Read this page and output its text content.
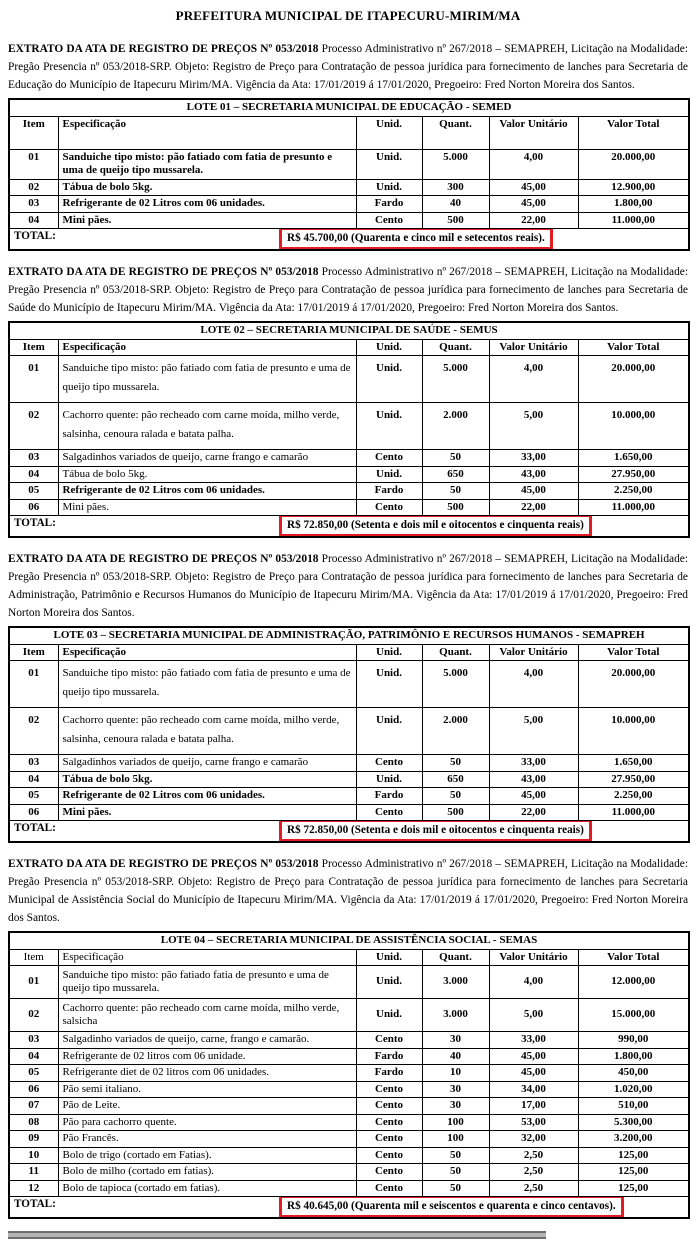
PREFEITURA MUNICIPAL DE ITAPECURU-MIRIM/MA

EXTRATO DA ATA DE REGISTRO DE PREÇOS Nº 053/2018 Processo Administrativo nº 267/2018 – SEMAPREH, Licitação na Modalidade: Pregão Presencia nº 053/2018-SRP. Objeto: Registro de Preço para Contratação de pessoa jurídica para fornecimento de lanches para Secretaria de Educação do Município de Itapecuru Mirim/MA. Vigência da Ata: 17/01/2019 á 17/01/2020, Pregoeiro: Fred Norton Moreira dos Santos.

LOTE 01 – SECRETARIA MUNICIPAL DE EDUCAÇÃO - SEMED					
Item	Especificação	Unid.	Quant.	Valor Unitário	Valor Total
01	Sanduiche tipo misto: pão fatiado com fatia de presunto e uma de queijo tipo mussarela.	Unid.	5.000	4,00	20.000,00
02	Tábua de bolo 5kg.	Unid.	300	45,00	12.900,00
03	Refrigerante de 02 Litros com 06 unidades.	Fardo	40	45,00	1.800,00
04	Mini pães.	Cento	500	22,00	11.000,00
TOTAL: R$ 45.700,00 (Quarenta e cinco mil e setecentos reais).					

EXTRATO DA ATA DE REGISTRO DE PREÇOS Nº 053/2018 Processo Administrativo nº 267/2018 – SEMAPREH, Licitação na Modalidade: Pregão Presencia nº 053/2018-SRP. Objeto: Registro de Preço para Contratação de pessoa jurídica para fornecimento de lanches para Secretaria de Saúde do Município de Itapecuru Mirim/MA. Vigência da Ata: 17/01/2019 á 17/01/2020, Pregoeiro: Fred Norton Moreira dos Santos.

LOTE 02 – SECRETARIA MUNICIPAL DE SAÚDE - SEMUS					
Item	Especificação	Unid.	Quant.	Valor Unitário	Valor Total
01	Sanduiche tipo misto: pão fatiado com fatia de presunto e uma de queijo tipo mussarela.	Unid.	5.000	4,00	20.000,00
02	Cachorro quente: pão recheado com carne moída, milho verde, salsinha, cenoura ralada e batata palha.	Unid.	2.000	5,00	10.000,00
03	Salgadinhos variados de queijo, carne frango e camarão	Cento	50	33,00	1.650,00
04	Tábua de bolo 5kg.	Unid.	650	43,00	27.950,00
05	Refrigerante de 02 Litros com 06 unidades.	Fardo	50	45,00	2.250,00
06	Mini pães.	Cento	500	22,00	11.000,00
TOTAL: R$ 72.850,00 (Setenta e dois mil e oitocentos e cinquenta reais)					

EXTRATO DA ATA DE REGISTRO DE PREÇOS Nº 053/2018 Processo Administrativo nº 267/2018 – SEMAPREH, Licitação na Modalidade: Pregão Presencia nº 053/2018-SRP. Objeto: Registro de Preço para Contratação de pessoa jurídica para fornecimento de lanches para Secretaria de Administração, Patrimônio e Recursos Humanos do Município de Itapecuru Mirim/MA. Vigência da Ata: 17/01/2019 á 17/01/2020, Pregoeiro: Fred Norton Moreira dos Santos.

LOTE 03 – SECRETARIA MUNICIPAL DE ADMINISTRAÇÃO, PATRIMÔNIO E RECURSOS HUMANOS - SEMAPREH					
Item	Especificação	Unid.	Quant.	Valor Unitário	Valor Total
01	Sanduiche tipo misto: pão fatiado com fatia de presunto e uma de queijo tipo mussarela.	Unid.	5.000	4,00	20.000,00
02	Cachorro quente: pão recheado com carne moída, milho verde, salsinha, cenoura ralada e batata palha.	Unid.	2.000	5,00	10.000,00
03	Salgadinhos variados de queijo, carne frango e camarão	Cento	50	33,00	1.650,00
04	Tábua de bolo 5kg.	Unid.	650	43,00	27.950,00
05	Refrigerante de 02 Litros com 06 unidades.	Fardo	50	45,00	2.250,00
06	Mini pães.	Cento	500	22,00	11.000,00
TOTAL: R$ 72.850,00 (Setenta e dois mil e oitocentos e cinquenta reais)					

EXTRATO DA ATA DE REGISTRO DE PREÇOS Nº 053/2018 Processo Administrativo nº 267/2018 – SEMAPREH, Licitação na Modalidade: Pregão Presencia nº 053/2018-SRP. Objeto: Registro de Preço para Contratação de pessoa jurídica para fornecimento de lanches para Secretaria Municipal de Assistência Social do Município de Itapecuru Mirim/MA. Vigência da Ata: 17/01/2019 á 17/01/2020, Pregoeiro: Fred Norton Moreira dos Santos.

LOTE 04 – SECRETARIA MUNICIPAL DE ASSISTÊNCIA SOCIAL - SEMAS					
Item	Especificação	Unid.	Quant.	Valor Unitário	Valor Total
01	Sanduiche tipo misto: pão fatiado fatia de presunto e uma de queijo tipo mussarela.	Unid.	3.000	4,00	12.000,00
02	Cachorro quente: pão recheado com carne moída, milho verde, salsicha	Unid.	3.000	5,00	15.000,00
03	Salgadinho variados de queijo, carne, frango e camarão.	Cento	30	33,00	990,00
04	Refrigerante de 02 litros com 06 unidade.	Fardo	40	45,00	1.800,00
05	Refrigerante diet de 02 litros com 06 unidades.	Fardo	10	45,00	450,00
06	Pão semi italiano.	Cento	30	34,00	1.020,00
07	Pão de Leite.	Cento	30	17,00	510,00
08	Pão para cachorro quente.	Cento	100	53,00	5.300,00
09	Pão Francês.	Cento	100	32,00	3.200,00
10	Bolo de trigo (cortado em Fatias).	Cento	50	2,50	125,00
11	Bolo de milho (cortado em fatias).	Cento	50	2,50	125,00
12	Bolo de tapioca (cortado em fatias).	Cento	50	2,50	125,00
TOTAL: R$ 40.645,00 (Quarenta mil e seiscentos e quarenta e cinco centavos).					
